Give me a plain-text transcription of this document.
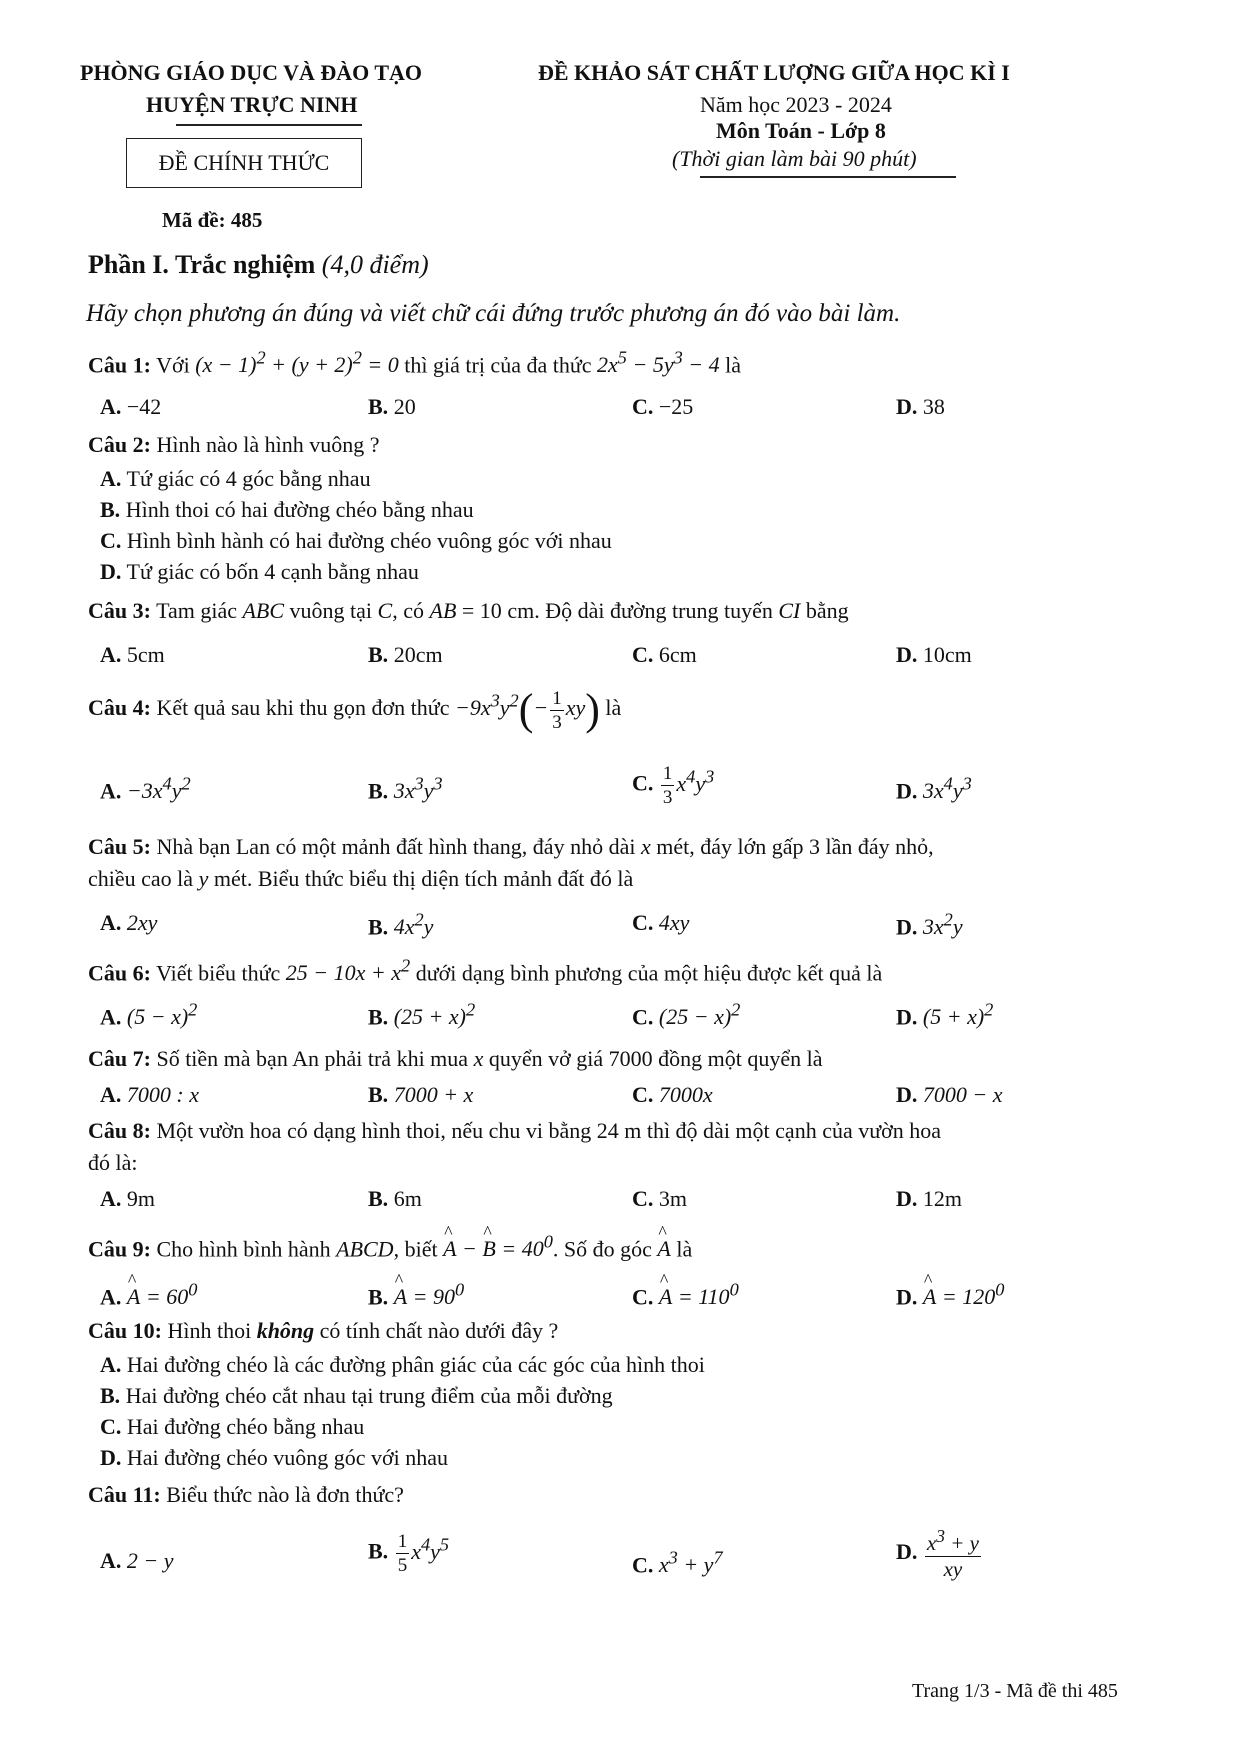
PHÒNG GIÁO DỤC VÀ ĐÀO TẠO
HUYỆN TRỰC NINH
ĐỀ CHÍNH THỨC
ĐỀ KHẢO SÁT CHẤT LƯỢNG GIỮA HỌC KÌ I
Năm học 2023 - 2024
Môn Toán - Lớp 8
(Thời gian làm bài 90 phút)
Mã đề: 485
Phần I. Trắc nghiệm (4,0 điểm)
Hãy chọn phương án đúng và viết chữ cái đứng trước phương án đó vào bài làm.
Câu 1: Với $(x - 1)^2 + (y + 2)^2 = 0$ thì giá trị của đa thức $2x^5 - 5y^3 - 4$ là
A. −42	B. 20	C. −25	D. 38
Câu 2: Hình nào là hình vuông ?
A. Tứ giác có 4 góc bằng nhau
B. Hình thoi có hai đường chéo bằng nhau
C. Hình bình hành có hai đường chéo vuông góc với nhau
D. Tứ giác có bốn 4 cạnh bằng nhau
Câu 3: Tam giác ABC vuông tại C, có AB = 10 cm. Độ dài đường trung tuyến CI bằng
A. 5cm	B. 20cm	C. 6cm	D. 10cm
Câu 4: Kết quả sau khi thu gọn đơn thức $-9x^3y^2(- \frac{1}{3} xy)$ là
A. $-3x^4y^2$	B. $3x^3y^3$	C. $\frac{1}{3} x^4y^3$
D. $3x^4y^3$
Câu 5: Nhà bạn Lan có một mảnh đất hình thang, đáy nhỏ dài x mét, đáy lớn gấp 3 lần đáy nhỏ,
chiều cao là y mét. Biểu thức biểu thị diện tích mảnh đất đó là
A. 2xy	B. $4x^2y$	C. 4xy	D. $3x^2y$
Câu 6: Viết biểu thức $25 - 10x + x^2$ dưới dạng bình phương của một hiệu được kết quả là
A. $(5 - x)^2$	B. $(25 + x)^2$	C. $(25 - x)^2$	D. $(5 + x)^2$
Câu 7: Số tiền mà bạn An phải trả khi mua x quyển vở giá 7000 đồng một quyển là
A. 7000 : x	B. 7000 + x	C. 7000x	D. 7000 − x
Câu 8: Một vườn hoa có dạng hình thoi, nếu chu vi bằng 24 m thì độ dài một cạnh của vườn hoa
đó là:
A. 9m	B. 6m	C. 3m	D. 12m
Câu 9: Cho hình bình hành ABCD, biết ^ A − ^ $B = 40^0$. Số đo góc ^ A là
A. ^ $A = 60^0$	B. ^ $A = 90^0$	C. ^ $A = 110^0$	D. ^ $A = 120^0$
Câu 10: Hình thoi không có tính chất nào dưới đây ?
A. Hai đường chéo là các đường phân giác của các góc của hình thoi
B. Hai đường chéo cắt nhau tại trung điểm của mỗi đường
C. Hai đường chéo bằng nhau
D. Hai đường chéo vuông góc với nhau
Câu 11: Biểu thức nào là đơn thức?
A. 2 − y	B. $\frac{1}{5} x^4y^5$
C. $x^3 + y^7$	D. $\frac{x^3 + y}{xy}$
Trang 1/3 - Mã đề thi 485
